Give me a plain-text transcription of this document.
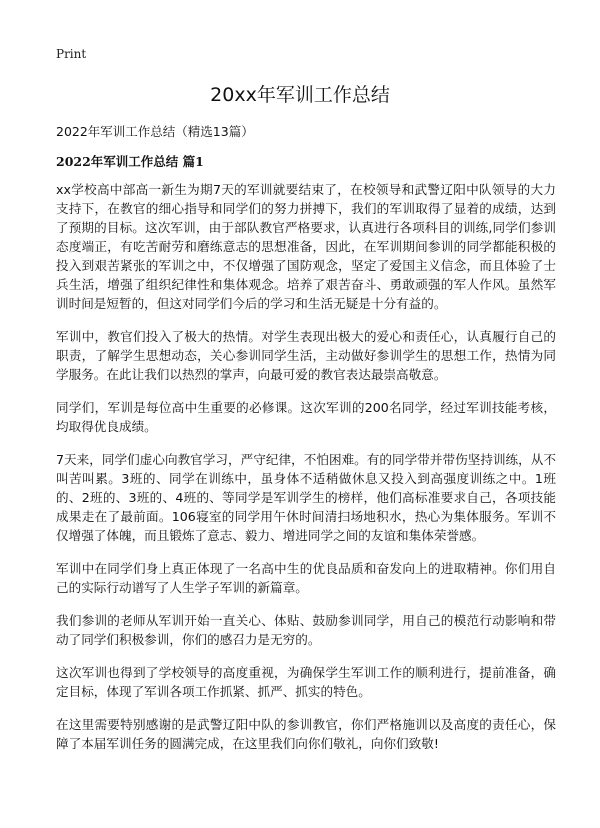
Print
20xx年军训工作总结

2022年军训工作总结（精选13篇）

2022年军训工作总结 篇1

xx学校高中部高一新生为期7天的军训就要结束了，在校领导和武警辽阳中队领导的大力支持下，在教官的细心指导和同学们的努力拼搏下，我们的军训取得了显着的成绩，达到了预期的目标。这次军训，由于部队教官严格要求，认真进行各项科目的训练,同学们参训态度端正，有吃苦耐劳和磨练意志的思想准备，因此，在军训期间参训的同学都能积极的投入到艰苦紧张的军训之中，不仅增强了国防观念，坚定了爱国主义信念，而且体验了士兵生活，增强了组织纪律性和集体观念。培养了艰苦奋斗、勇敢顽强的军人作风。虽然军训时间是短暂的，但这对同学们今后的学习和生活无疑是十分有益的。

军训中，教官们投入了极大的热情。对学生表现出极大的爱心和责任心，认真履行自己的职责，了解学生思想动态，关心参训同学生活，主动做好参训学生的思想工作，热情为同学服务。在此让我们以热烈的掌声，向最可爱的教官表达最崇高敬意。

同学们，军训是每位高中生重要的必修课。这次军训的200名同学，经过军训技能考核，均取得优良成绩。

7天来，同学们虚心向教官学习，严守纪律，不怕困难。有的同学带并带伤坚持训练，从不叫苦叫累。3班的、同学在训练中，虽身体不适稍做休息又投入到高强度训练之中。1班的、2班的、3班的、4班的、等同学是军训学生的榜样，他们高标准要求自己，各项技能成果走在了最前面。106寝室的同学用午休时间清扫场地积水，热心为集体服务。军训不仅增强了体魄，而且锻炼了意志、毅力、增进同学之间的友谊和集体荣誉感。

军训中在同学们身上真正体现了一名高中生的优良品质和奋发向上的进取精神。你们用自己的实际行动谱写了人生学子军训的新篇章。

我们参训的老师从军训开始一直关心、体贴、鼓励参训同学，用自己的模范行动影响和带动了同学们积极参训，你们的感召力是无穷的。

这次军训也得到了学校领导的高度重视，为确保学生军训工作的顺利进行，提前准备，确定目标，体现了军训各项工作抓紧、抓严、抓实的特色。

在这里需要特别感谢的是武警辽阳中队的参训教官，你们严格施训以及高度的责任心，保障了本届军训任务的圆满完成，在这里我们向你们敬礼，向你们致敬!
